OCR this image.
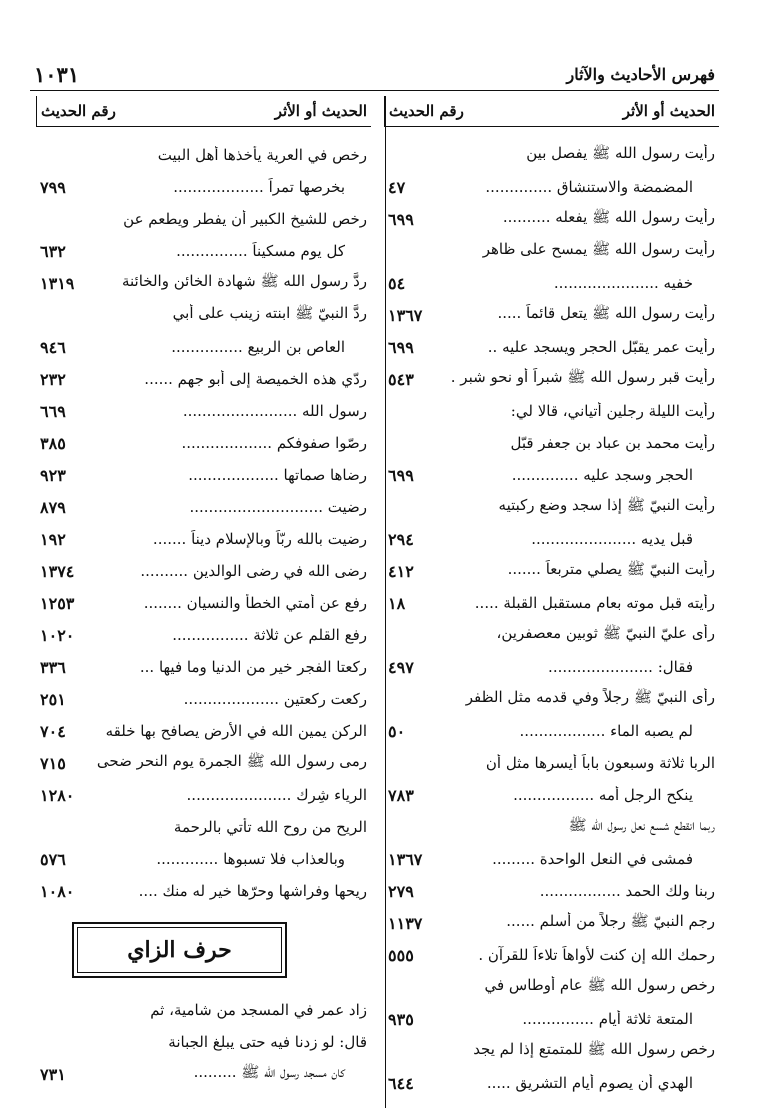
١٠٣١	فهرس الأحاديث والآثار
الحديث أو الأثر
رقم الحديث
رأيت رسول الله ﷺ يفصل بين
المضمضة والاستنشاق ..............
٤٧
رأيت رسول الله ﷺ يفعله ..........
٦٩٩
رأيت رسول الله ﷺ يمسح على ظاهر
خفيه ......................
٥٤
رأيت رسول الله ﷺ يتعل قائماً .....
١٣٦٧
رأيت عمر يقبّل الحجر ويسجد عليه ..
٦٩٩
رأيت قبر رسول الله ﷺ شبراً أو نحو شبر .
٥٤٣
رأيت الليلة رجلين أتياني، قالا لي:
رأيت محمد بن عباد بن جعفر قبّل
الحجر وسجد عليه ..............
٦٩٩
رأيت النبيّ ﷺ إذا سجد وضع ركبتيه
قبل يديه ......................
٢٩٤
رأيت النبيّ ﷺ يصلي متربعاً .......
٤١٢
رأيته قبل موته بعام مستقبل القبلة .....
١٨
رأى عليّ النبيّ ﷺ ثوبين معصفرين،
فقال: ......................
٤٩٧
رأى النبيّ ﷺ رجلاً وفي قدمه مثل الظفر
لم يصبه الماء ..................
٥٠
الربا ثلاثة وسبعون باباً أيسرها مثل أن
ينكح الرجل أمه .................
٧٨٣
ربما انقطع شسع نعل رسول الله ﷺ
فمشى في النعل الواحدة .........
١٣٦٧
ربنا ولك الحمد .................
٢٧٩
رجم النبيّ ﷺ رجلاً من أسلم ......
١١٣٧
رحمك الله إن كنت لأواهاً تلاءاً للقرآن .
٥٥٥
رخص رسول الله ﷺ عام أوطاس في
المتعة ثلاثة أيام ...............
٩٣٥
رخص رسول الله ﷺ للمتمتع إذا لم يجد
الهدي أن يصوم أيام التشريق .....
٦٤٤
الحديث أو الأثر
رقم الحديث
رخص في العرية يأخذها أهل البيت
بخرصها تمراً ...................
٧٩٩
رخص للشيخ الكبير أن يفطر ويطعم عن
كل يوم مسكيناً ...............
٦٣٢
ردَّ رسول الله ﷺ شهادة الخائن والخائنة
١٣١٩
ردَّ النبيّ ﷺ ابنته زينب على أبي
العاص بن الربيع ...............
٩٤٦
ردّي هذه الخميصة إلى أبو جهم ......
٢٣٢
رسول الله ........................
٦٦٩
رصّوا صفوفكم ...................
٣٨٥
رضاها صماتها ...................
٩٢٣
رضيت ............................
٨٧٩
رضيت بالله ربّاً وبالإسلام ديناً .......
١٩٢
رضى الله في رضى الوالدين ..........
١٣٧٤
رفع عن أمتي الخطأ والنسيان ........
١٢٥٣
رفع القلم عن ثلاثة ................
١٠٢٠
ركعتا الفجر خير من الدنيا وما فيها ...
٣٣٦
ركعت ركعتين ....................
٢٥١
الركن يمين الله في الأرض يصافح بها خلقه
٧٠٤
رمى رسول الله ﷺ الجمرة يوم النحر ضحى
٧١٥
الرياء شِرك ......................
١٢٨٠
الريح من روح الله تأتي بالرحمة
وبالعذاب فلا تسبوها .............
٥٧٦
ريحها وفراشها وحرّها خير له منك ....
١٠٨٠
زاد عمر في المسجد من شامية، ثم
قال: لو زدنا فيه حتى يبلغ الجبانة
كان مسجد رسول الله ﷺ .........
٧٣١
حرف الزاي
